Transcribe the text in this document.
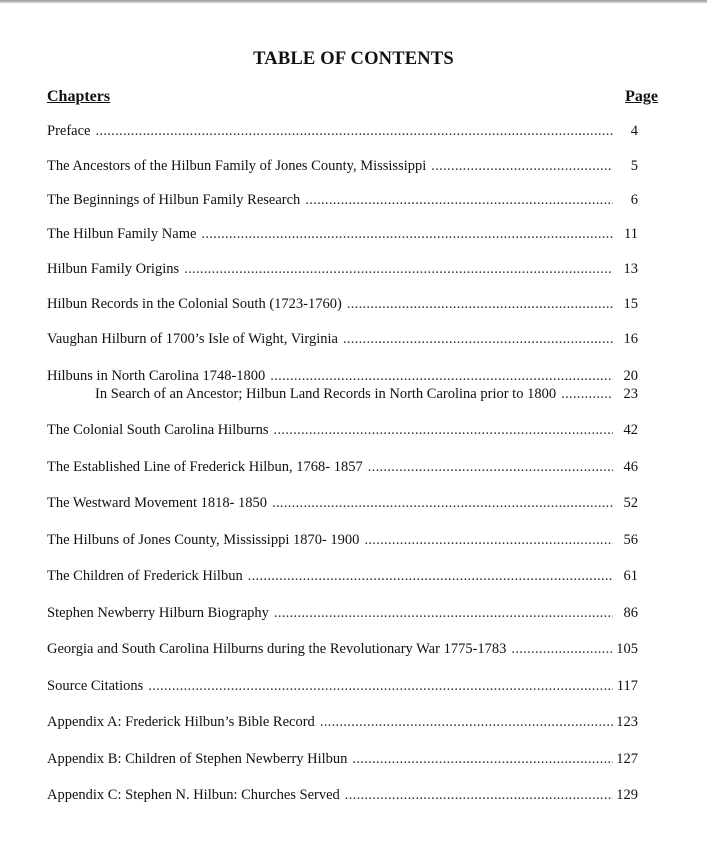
TABLE OF CONTENTS
Chapters	Page
Preface .....	4
The Ancestors of the Hilbun Family of Jones County, Mississippi .....	5
The Beginnings of Hilbun Family Research .....	6
The Hilbun Family Name .....	11
Hilbun Family Origins .....	13
Hilbun Records in the Colonial South (1723-1760) .....	15
Vaughan Hilburn of 1700’s Isle of Wight, Virginia .....	16
Hilbuns in North Carolina 1748-1800 .....	20
In Search of an Ancestor; Hilbun Land Records in North Carolina prior to 1800 .....	23
The Colonial South Carolina Hilburns .....	42
The Established Line of Frederick Hilbun, 1768- 1857 .....	46
The Westward Movement 1818- 1850 .....	52
The Hilbuns of Jones County, Mississippi 1870- 1900 .....	56
The Children of Frederick Hilbun .....	61
Stephen Newberry Hilburn Biography .....	86
Georgia and South Carolina Hilburns during the Revolutionary War 1775-1783 .....	105
Source Citations .....	117
Appendix A: Frederick Hilbun’s Bible Record .....	123
Appendix B: Children of Stephen Newberry Hilbun .....	127
Appendix C: Stephen N. Hilbun: Churches Served .....	129
